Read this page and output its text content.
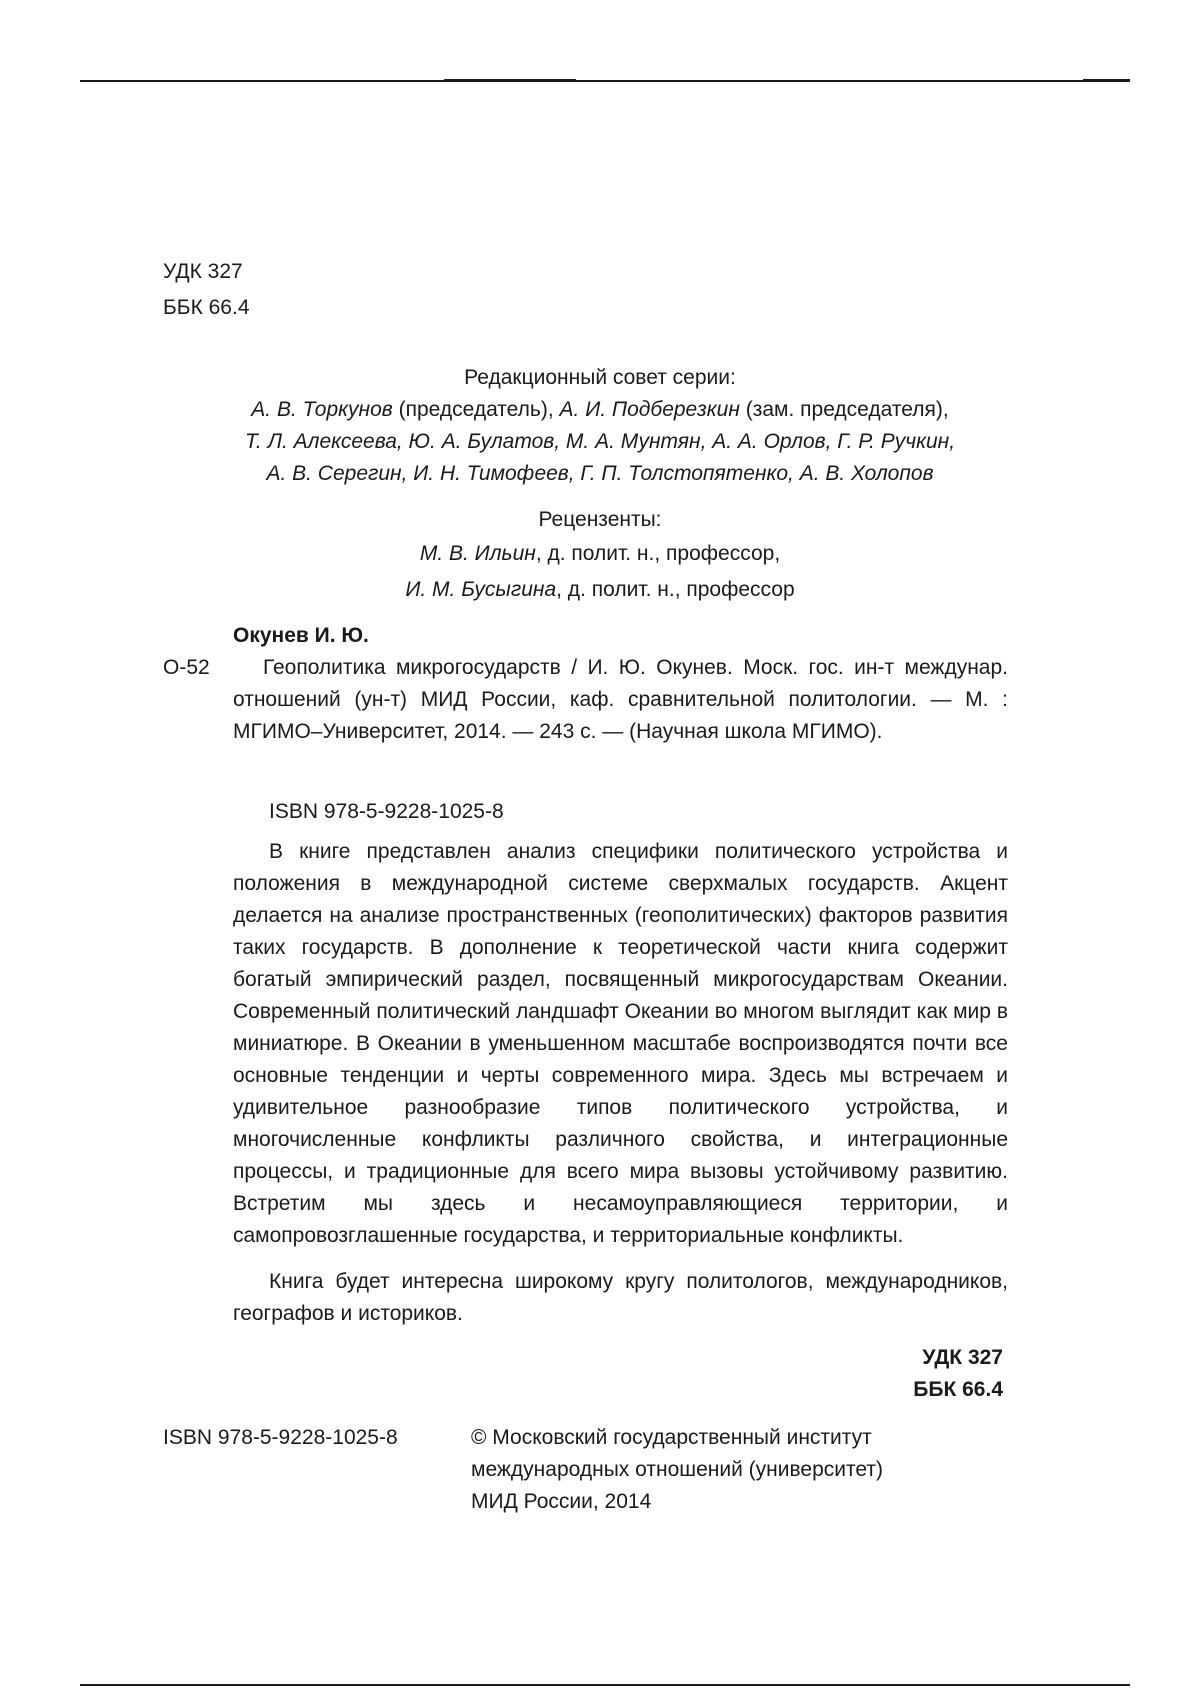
УДК 327
ББК 66.4
Редакционный совет серии:
А. В. Торкунов (председатель), А. И. Подберезкин (зам. председателя),
Т. Л. Алексеева, Ю. А. Булатов, М. А. Мунтян, А. А. Орлов, Г. Р. Ручкин,
А. В. Серегин, И. Н. Тимофеев, Г. П. Толстопятенко, А. В. Холопов
Рецензенты:
М. В. Ильин, д. полит. н., профессор,
И. М. Бусыгина, д. полит. н., профессор
Окунев И. Ю.
О-52	Геополитика микрогосударств / И. Ю. Окунев. Моск. гос. ин-т междунар. отношений (ун-т) МИД России, каф. сравнительной политологии. — М. : МГИМО–Университет, 2014. — 243 с. — (Научная школа МГИМО).
ISBN 978-5-9228-1025-8
В книге представлен анализ специфики политического устройства и положения в международной системе сверхмалых государств. Акцент делается на анализе пространственных (геополитических) факторов развития таких государств. В дополнение к теоретической части книга содержит богатый эмпирический раздел, посвященный микрогосударствам Океании. Современный политический ландшафт Океании во многом выглядит как мир в миниатюре. В Океании в уменьшенном масштабе воспроизводятся почти все основные тенденции и черты современного мира. Здесь мы встречаем и удивительное разнообразие типов политического устройства, и многочисленные конфликты различного свойства, и интеграционные процессы, и традиционные для всего мира вызовы устойчивому развитию. Встретим мы здесь и несамоуправляющиеся территории, и самопровозглашенные государства, и территориальные конфликты.
Книга будет интересна широкому кругу политологов, международников, географов и историков.
УДК 327
ББК 66.4
ISBN 978-5-9228-1025-8	© Московский государственный институт
международных отношений (университет)
МИД России, 2014
